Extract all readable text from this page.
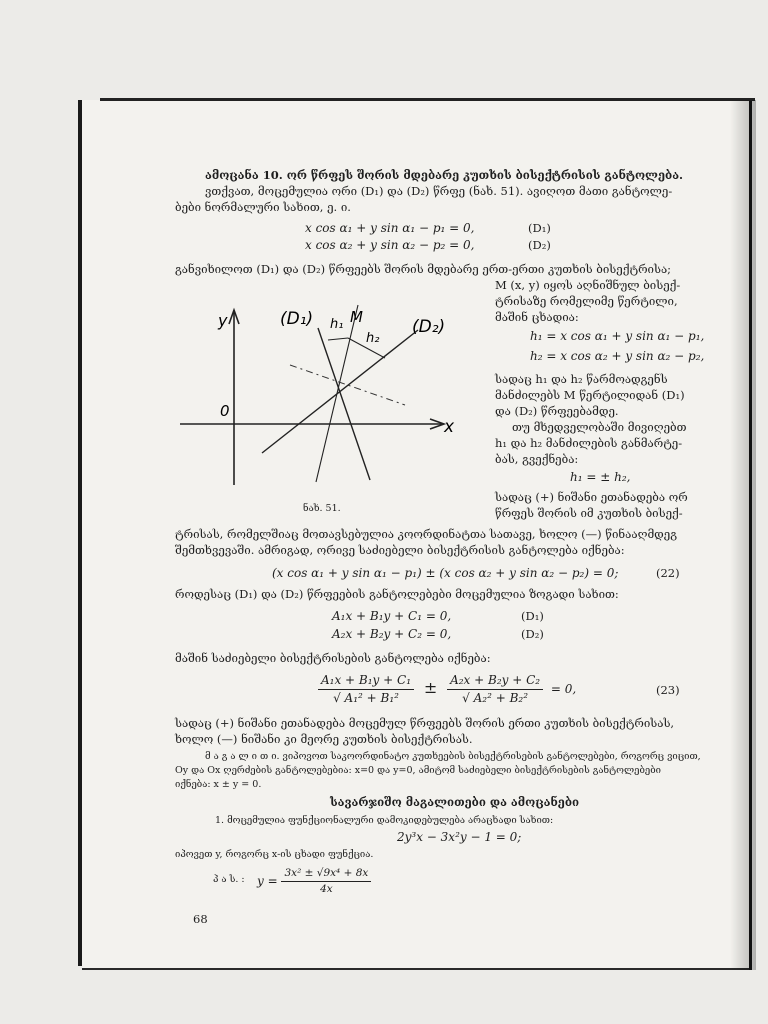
ამოცანა 10. ორ წრფეს შორის მდებარე კუთხის ბისექტრისის განტოლება.
ვთქვათ, მოცემულია ორი (D₁) და (D₂) წრფე (ნახ. 51). ავიღოთ მათი განტოლე-
ბები ნორმალური სახით, ე. ი.
x cos α₁ + y sin α₁ − p₁ = 0,	(D₁)
x cos α₂ + y sin α₂ − p₂ = 0,	(D₂)
განვიხილოთ (D₁) და (D₂) წრფეებს შორის მდებარე ერთ-ერთი კუთხის ბისექტრისა;
M (x, y) იყოს აღნიშნულ ბისექ-
ტრისაზე რომელიმე წერტილი,
მაშინ ცხადია:
h₁ = x cos α₁ + y sin α₁ − p₁,
h₂ = x cos α₂ + y sin α₂ − p₂,
სადაც h₁ და h₂ წარმოადგენს
მანძილებს M წერტილიდან (D₁)
და (D₂) წრფეებამდე.
თუ მხედველობაში მივიღებთ
h₁ და h₂ მანძილების განმარტე-
ბას, გვექნება:
h₁ = ± h₂,
სადაც (+) ნიშანი ეთანადება ორ
წრფეს შორის იმ კუთხის ბისექ-
(D₁) h₁ M
h₂
(D₂)
y
0
x
ნახ. 51.
ტრისას, რომელშიაც მოთავსებულია კოორდინატთა სათავე, ხოლო (—) წინააღმდეგ
შემთხვევაში. ამრიგად, ორივე საძიებელი ბისექტრისის განტოლება იქნება:
(x cos α₁ + y sin α₁ − p₁) ± (x cos α₂ + y sin α₂ − p₂) = 0;	(22)
როდესაც (D₁) და (D₂) წრფეების განტოლებები მოცემულია ზოგადი სახით:
A₁x + B₁y + C₁ = 0,	(D₁)
A₂x + B₂y + C₂ = 0,	(D₂)
მაშინ საძიებელი ბისექტრისების განტოლება იქნება:
$\frac{\text{A₁x + B₁y + C₁}}{\text{√ A₁² + B₁²}} \pm \frac{\text{A₂x + B₂y + C₂}}{\text{√ A₂² + B₂²}} = 0$,	(23)
სადაც (+) ნიშანი ეთანადება მოცემულ წრფეებს შორის ერთი კუთხის ბისექტრისას,
ხოლო (—) ნიშანი კი მეორე კუთხის ბისექტრისას.
მ ა გ ა ლ ი თ ი. ვიპოვოთ საკოორდინატო კუთხეების ბისექტრისების განტოლებები, როგორც ვიცით,
Oy და Ox ღერძების განტოლებებია: x=0 და y=0, ამიტომ საძიებელი ბისექტრისების განტოლებები
იქნება: x ± y = 0.
სავარჯიშო მაგალითები და ამოცანები
1. მოცემულია ფუნქციონალური დამოკიდებულება არაცხადი სახით:
2y³x − 3x²y − 1 = 0;
იპოვეთ y, როგორც x-ის ცხადი ფუნქცია.
პ ა ს. : $y = \frac{\text{3x² ± √9x⁴ + 8x}}{4x}$
68
